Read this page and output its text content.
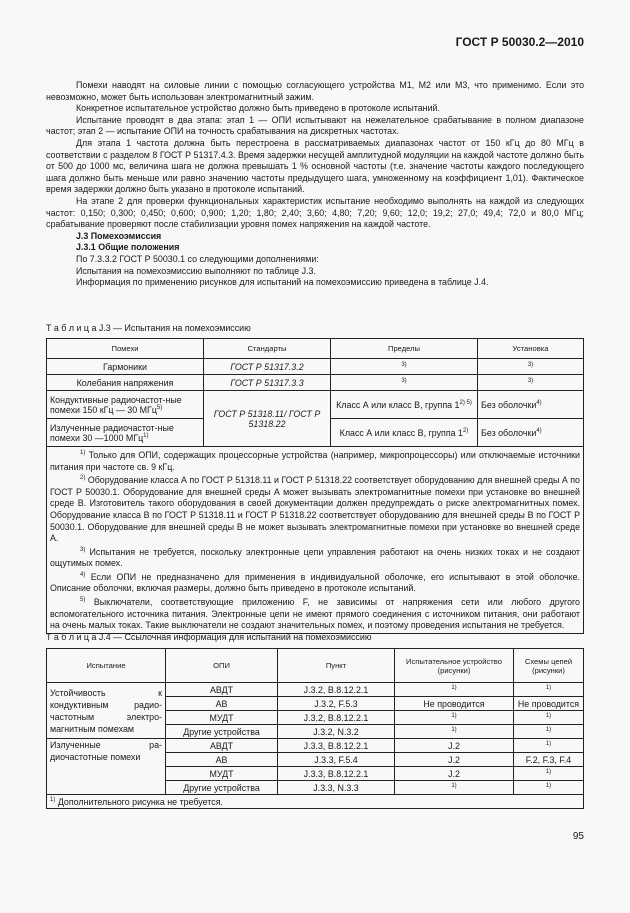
ГОСТ Р 50030.2—2010

Помехи наводят на силовые линии с помощью согласующего устройства М1, М2 или М3, что применимо. Если это невозможно, может быть использован электромагнитный зажим.

Конкретное испытательное устройство должно быть приведено в протоколе испытаний.

Испытание проводят в два этапа: этап 1 — ОПИ испытывают на нежелательное срабатывание в полном диапазоне частот; этап 2 — испытание ОПИ на точность срабатывания на дискретных частотах.

Для этапа 1 частота должна быть перестроена в рассматриваемых диапазонах частот от 150 кГц до 80 МГц в соответствии с разделом 8 ГОСТ Р 51317.4.3. Время задержки несущей амплитудной модуляции на каждой частоте должно быть от 500 до 1000 мс, величина шага не должна превышать 1 % основной частоты (т.е. значение частоты каждого последующего шага должно быть меньше или равно значению частоты предыдущего шага, умноженному на коэффициент 1,01). Фактическое время задержки должно быть указано в протоколе испытаний.

На этапе 2 для проверки функциональных характеристик испытание необходимо выполнять на каждой из следующих частот: 0,150; 0,300; 0,450; 0,600; 0,900; 1,20; 1,80; 2,40; 3,60; 4,80; 7,20; 9,60; 12,0; 19,2; 27,0; 49,4; 72,0 и 80,0 МГц; срабатывание проверяют после стабилизации уровня помех напряжения на каждой частоте.

J.3 Помехоэмиссия

J.3.1 Общие положения

По 7.3.3.2 ГОСТ Р 50030.1 со следующими дополнениями:

Испытания на помехоэмиссию выполняют по таблице J.3.

Информация по применению рисунков для испытаний на помехоэмиссию приведена в таблице J.4.

Т а б л и ц а J.3 — Испытания на помехоэмиссию
Помехи	Стандарты	Пределы	Установка
Гармоники	ГОСТ Р 51317.3.2	$^{3)}$	$^{3)}$
Колебания напряжения	ГОСТ Р 51317.3.3	$^{3)}$	$^{3)}$
Кондуктивные радиочастот-ные помехи 150 кГц — 30 МГц$^{5)}$	ГОСТ Р 51318.11/ ГОСТ Р 51318.22	Класс А или класс В, группа $1^{2) 5)}$	Без оболочки$^{4)}$
Излученные радиочастот-ные помехи 30 —1000 МГц$^{1)}$		Класс А или класс В, группа 1$^{2)}$	Без оболочки$^{4)}$

$^{1)}$ Только для ОПИ, содержащих процессорные устройства (например, микропроцессоры) или отключаемые источники питания при частоте св. 9 кГц.

$^{2)}$ Оборудование класса А по ГОСТ Р 51318.11 и ГОСТ Р 51318.22 соответствует оборудованию для внешней среды А по ГОСТ Р 50030.1. Оборудование для внешней среды А может вызывать электромагнитные помехи при установке во внешней среде В. Изготовитель такого оборудования в своей документации должен предупреждать о риске электромагнитных помех. Оборудование класса В по ГОСТ Р 51318.11 и ГОСТ Р 51318.22 соответствует оборудованию для внешней среды В по ГОСТ Р 50030.1. Оборудование для внешней среды В не может вызывать электромагнитные помехи при установке во внешней среде А.

$^{3)}$ Испытания не требуется, поскольку электронные цепи управления работают на очень низких токах и не создают ощутимых помех.

$^{4)}$ Если ОПИ не предназначено для применения в индивидуальной оболочке, его испытывают в этой оболочке. Описание оболочки, включая размеры, должно быть приведено в протоколе испытаний.

$^{5)}$ Выключатели, соответствующие приложению F, не зависимы от напряжения сети или любого другого вспомогательного источника питания. Электронные цепи не имеют прямого соединения с источником питания, они работают на очень малых токах. Такие выключатели не создают значительных помех, и поэтому проведения испытания не требуется.			

Т а б л и ц а J.4 — Ссылочная информация для испытаний на помехоэмиссию
Испытание	ОПИ	Пункт	Испытательное устройство (рисунки)	Схемы цепей (рисунки)
Устойчивость к кондуктивным радио-частотным электро-магнитным помехам	АВДТ	J.3.2, B.8.12.2.1	$^{1)}$	$^{1)}$
	АВ	J.3.2, F.5.3	Не проводится	Не проводится
	МУДТ	J.3.2, B.8.12.2.1	$^{1)}$	$^{1)}$
	Другие устройства	J.3.2, N.3.2	$^{1)}$	$^{1)}$
Излученные ра-диочастотные помехи	АВДТ	J.3.3, B.8.12.2.1	J.2	$^{1)}$
	АВ	J.3.3, F.5.4	J.2	F.2, F.3, F.4
	МУДТ	J.3.3, B.8.12.2.1	J.2	$^{1)}$
	Другие устройства	J.3.3, N.3.3	$^{1)}$	$^{1)}$
$^{1)}$ Дополнительного рисунка не требуется.				
95
